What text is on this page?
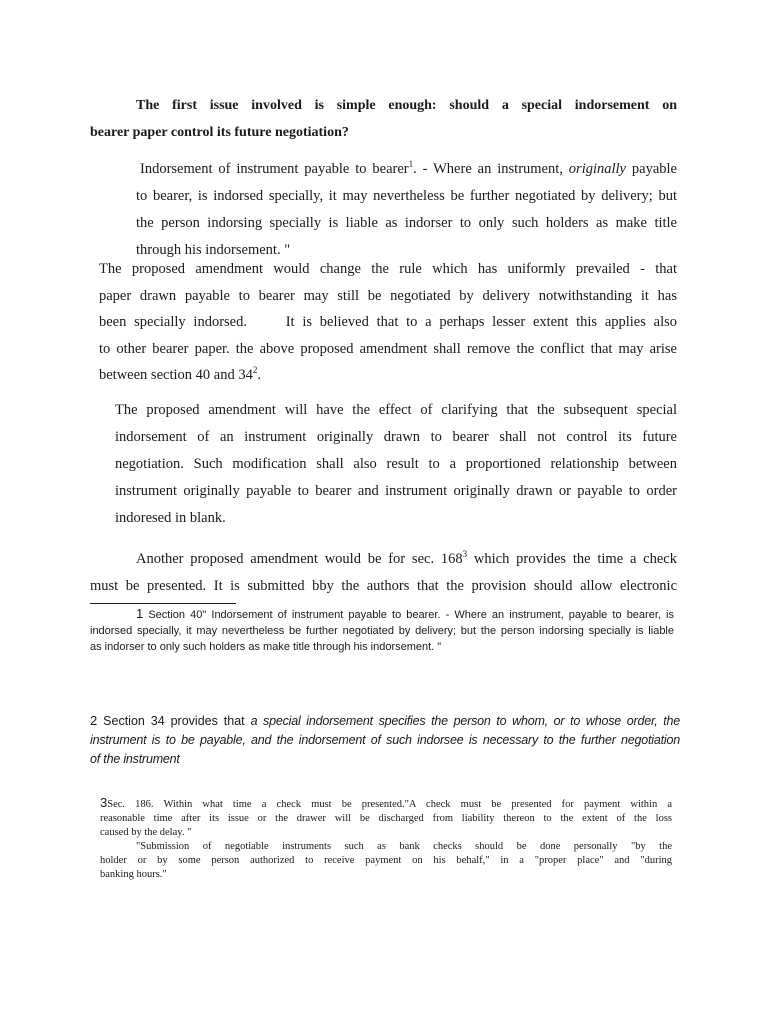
The first issue involved is simple enough: should a special indorsement on
bearer paper control its future negotiation?
Indorsement of instrument payable to bearer$^1$. - Where an instrument, originally payable
to bearer, is indorsed specially, it may nevertheless be further negotiated by delivery; but
the person indorsing specially is liable as indorser to only such holders as make title
through his indorsement. "
The proposed amendment would change the rule which has uniformly prevailed - that
paper drawn payable to bearer may still be negotiated by delivery notwithstanding it has
been specially indorsed.     It is believed that to a perhaps lesser extent this applies also
to other bearer paper. the above proposed amendment shall remove the conflict that may arise
between section 40 and $34^2$.
The proposed amendment will have the effect of clarifying that the subsequent special
indorsement of an instrument originally drawn to bearer shall not control its future
negotiation. Such modification shall also result to a proportioned relationship between
instrument originally payable to bearer and instrument originally drawn or payable to order
indoresed in blank.
Another proposed amendment would be for sec. $168^3$ which provides the time a check
must be presented. It is submitted bby the authors that the provision should allow electronic
1 Section 40" Indorsement of instrument payable to bearer. - Where an instrument, payable to bearer, is
indorsed specially, it may nevertheless be further negotiated by delivery; but the person indorsing specially is liable
as indorser to only such holders as make title through his indorsement. "
2 Section 34 provides that a special indorsement specifies the person to whom, or to whose order, the
instrument is to be payable, and the indorsement of such indorsee is necessary to the further negotiation
of the instrument
3Sec. 186. Within what time a check must be presented."A check must be presented for payment within a
reasonable time after its issue or the drawer will be discharged from liability thereon to the extent of the loss
caused by the delay. "
"Submission of negotiable instruments such as bank checks should be done personally "by the
holder or by some person authorized to receive payment on his behalf," in a "proper place" and "during
banking hours."
